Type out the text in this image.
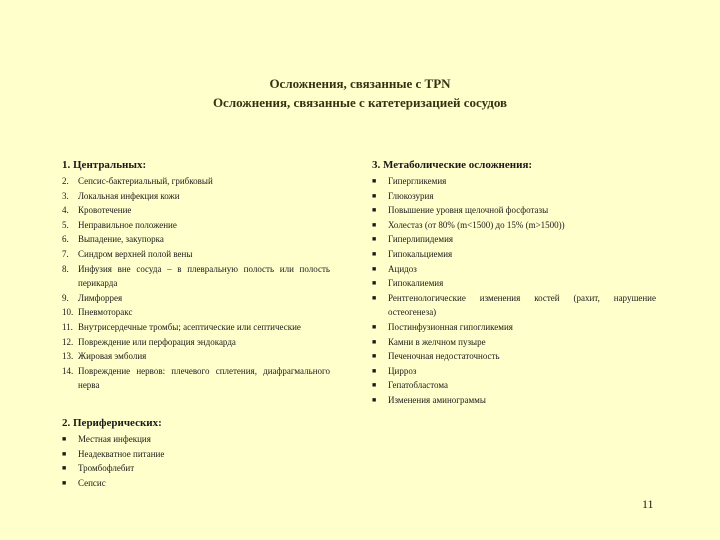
Осложнения, связанные с TPN
Осложнения, связанные с катетеризацией сосудов
1. Центральных:
2.	Сепсис-бактериальный, грибковый
3.	Локальная инфекция кожи
4.	Кровотечение
5.	Неправильное положение
6.	Выпадение, закупорка
7.	Синдром верхней полой вены
8.	Инфузия вне сосуда – в плевральную полость или полость перикарда
9.	Лимфоррея
10. Пневмоторакс
11. Внутрисердечные тромбы; асептические или септические
12. Повреждение или перфорация эндокарда
13. Жировая эмболия
14. Повреждение нервов: плечевого сплетения, диафрагмального нерва
2. Периферических:
■	Местная инфекция
■	Неадекватное питание
■	Тромбофлебит
■	Сепсис
3. Метаболические осложнения:
■	Гипергликемия
■	Глюкозурия
■	Повышение уровня щелочной фосфотазы
■	Холестаз (от 80% (m<1500) до 15% (m>1500))
■	Гиперлипидемия
■	Гипокальциемия
■	Ацидоз
■	Гипокалиемия
■	Рентгенологические изменения костей (рахит, нарушение остеогенеза)
■	Постинфузионная гипогликемия
■	Камни в желчном пузыре
■	Печеночная недостаточность
■	Цирроз
■	Гепатобластома
■	Изменения аминограммы
11
